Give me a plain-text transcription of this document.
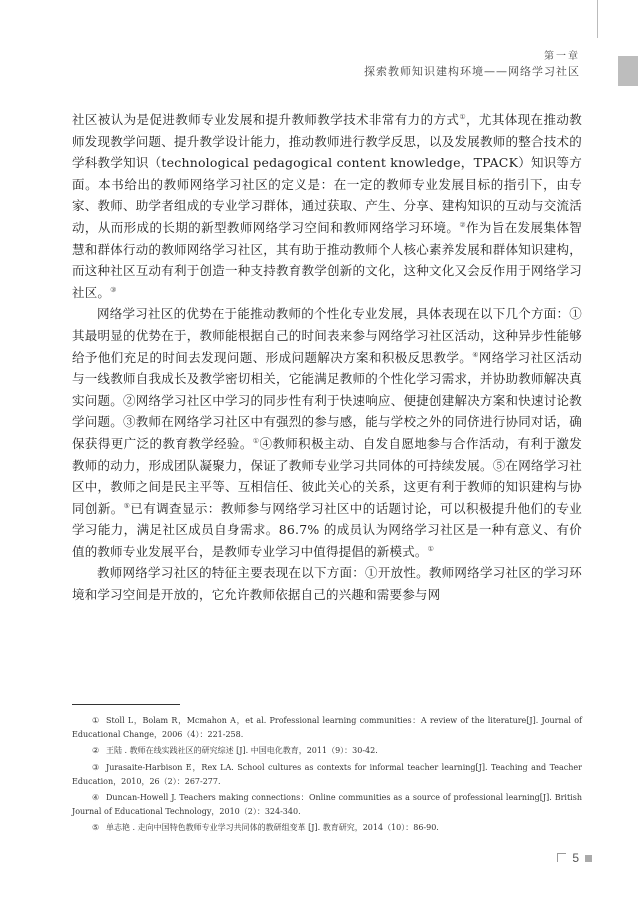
第一章
探索教师知识建构环境——网络学习社区

社区被认为是促进教师专业发展和提升教师教学技术非常有力的方式①，尤其体现在推动教师发现教学问题、提升教学设计能力，推动教师进行教学反思，以及发展教师的整合技术的学科教学知识（technological pedagogical content knowledge，TPACK）知识等方面。本书给出的教师网络学习社区的定义是：在一定的教师专业发展目标的指引下，由专家、教师、助学者组成的专业学习群体，通过获取、产生、分享、建构知识的互动与交流活动，从而形成的长期的新型教师网络学习空间和教师网络学习环境。②作为旨在发展集体智慧和群体行动的教师网络学习社区，其有助于推动教师个人核心素养发展和群体知识建构，而这种社区互动有利于创造一种支持教育教学创新的文化，这种文化又会反作用于网络学习社区。③

网络学习社区的优势在于能推动教师的个性化专业发展，具体表现在以下几个方面：①其最明显的优势在于，教师能根据自己的时间表来参与网络学习社区活动，这种异步性能够给予他们充足的时间去发现问题、形成问题解决方案和积极反思教学。④网络学习社区活动与一线教师自我成长及教学密切相关，它能满足教师的个性化学习需求，并协助教师解决真实问题。②网络学习社区中学习的同步性有利于快速响应、便捷创建解决方案和快速讨论教学问题。③教师在网络学习社区中有强烈的参与感，能与学校之外的同侪进行协同对话，确保获得更广泛的教育教学经验。①④教师积极主动、自发自愿地参与合作活动，有利于激发教师的动力，形成团队凝聚力，保证了教师专业学习共同体的可持续发展。⑤在网络学习社区中，教师之间是民主平等、互相信任、彼此关心的关系，这更有利于教师的知识建构与协同创新。⑤已有调查显示：教师参与网络学习社区中的话题讨论，可以积极提升他们的专业学习能力，满足社区成员自身需求。86.7% 的成员认为网络学习社区是一种有意义、有价值的教师专业发展平台，是教师专业学习中值得提倡的新模式。①

教师网络学习社区的特征主要表现在以下方面：①开放性。教师网络学习社区的学习环境和学习空间是开放的，它允许教师依据自己的兴趣和需要参与网

① Stoll L，Bolam R，Mcmahon A，et al. Professional learning communities：A review of the literature[J]. Journal of Educational Change，2006（4）：221-258.

② 王陆 . 教师在线实践社区的研究综述 [J]. 中国电化教育，2011（9）：30-42.

③ Jurasaite-Harbison E，Rex LA. School cultures as contexts for informal teacher learning[J]. Teaching and Teacher Education，2010，26（2）：267-277.

④ Duncan-Howell J. Teachers making connections：Online communities as a source of professional learning[J]. British Journal of Educational Technology，2010（2）：324-340.

⑤ 单志艳 . 走向中国特色教师专业学习共同体的教研组变革 [J]. 教育研究，2014（10）：86-90.

5
